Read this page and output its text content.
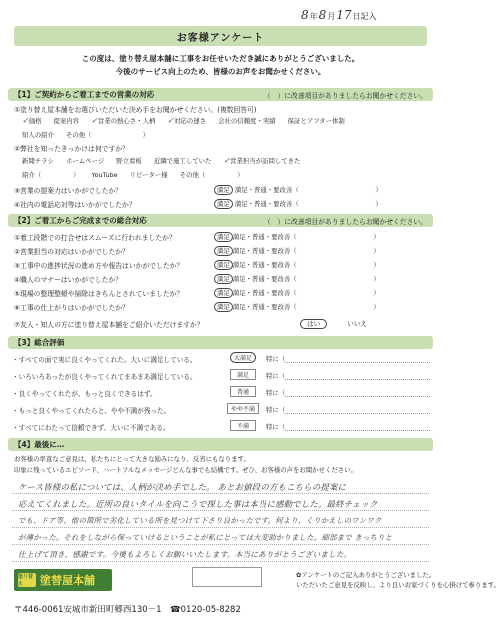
8年8月17日記入
お客様アンケート
この度は、塗り替え屋本舗に工事をお任せいただき誠にありがとうございました。
今後のサービス向上のため、皆様のお声をお聞かせください。
【1】ご契約からご着工までの営業の対応	（　）に改善項目がありましたらお聞かせください。
①塗り替え屋本舗をお選びいただいた決め手をお聞かせください。(複数回答可)
✓価格 提案内容 ✓営業の熱心さ・人柄 ✓対応の速さ 会社の信頼度・実績 保証とアフター体制
知人の紹介 その他（　　　　　　　　）
②弊社を知ったきっかけは何ですか？
新聞チラシ ホームページ 野立看板 近隣で施工していた ✓営業担当が訪問してきた
紹介（　　　　　） YouTube リピーター様 その他（　　　　　）
③営業の提案力はいかがでしたか？	満足 満足・普通・要改善（　　　　　　　　　　　　）
④社内の電話応対等はいかがでしたか？	満足 満足・普通・要改善（　　　　　　　　　　　　）
【2】ご着工からご完成までの総合対応	（　）に改善項目がありましたらお聞かせください。
①着工段階での打合せはスムーズに行われましたか？	満足 満足・普通・要改善（　　　　　　　　　　　　）
②営業担当の対応はいかがでしたか？	満足 満足・普通・要改善（　　　　　　　　　　　　）
③工事中の進捗状況の進め方や報告はいかがでしたか？	満足 満足・普通・要改善（　　　　　　　　　　　　）
④職人のマナーはいかがでしたか？	満足 満足・普通・要改善（　　　　　　　　　　　　）
⑤現場の整理整頓や掃除はきちんとされていましたか？	満足 満足・普通・要改善（　　　　　　　　　　　　）
⑥工事の仕上がりはいかがでしたか？	満足 満足・普通・要改善（　　　　　　　　　　　　）
⑦友人・知人の方に塗り替え屋本舗をご紹介いただけますか？	はい	いいえ
【3】総合評価
・すべての面で実に良くやってくれた。大いに満足している。	大満足	特に（
・いろいろあったが良くやってくれてまあまあ満足している。	満足	特に（
・良くやってくれたが、もっと良くできるはず。	普通	特に（
・もっと良くやってくれたらと、やや不満が残った。	やや不満	特に（
・すべてにわたって信頼できず、大いに不満である。	不満	特に（
【4】最後に…
お客様の率直なご意見は、私たちにとって大きな励みになり、反省にもなります。
印象に残っているエピソード、ハートフルなメッセージどんな事でも結構です。ぜひ、お客様の声をお聞かせください。
ケース皆様の私については、人柄が決め手でした。 あとお値段の方もこちらの提案に
応えてくれました。近所の良いタイルを向こうで探した事は本当に感動でした。最終チェック
でも、ドア等、他の箇所で劣化している所を見つけて下さり良かったです。何より、くりかえしのワンワク
が薄かった。それをしながら保っていけるということが私にとっては大変助かりました。細部まで きっちりと
仕上げて頂き、感謝です。今後もよろしくお願いいたします。本当にありがとうございました。
塗り替え	塗替屋本舗	✿アンケートのご記入ありがとうございました。
いただいたご意見を反映し、より良いお家づくりを心掛けて参ります。
〒446-0061安城市新田町郷西130－1　☎0120-05-8282
